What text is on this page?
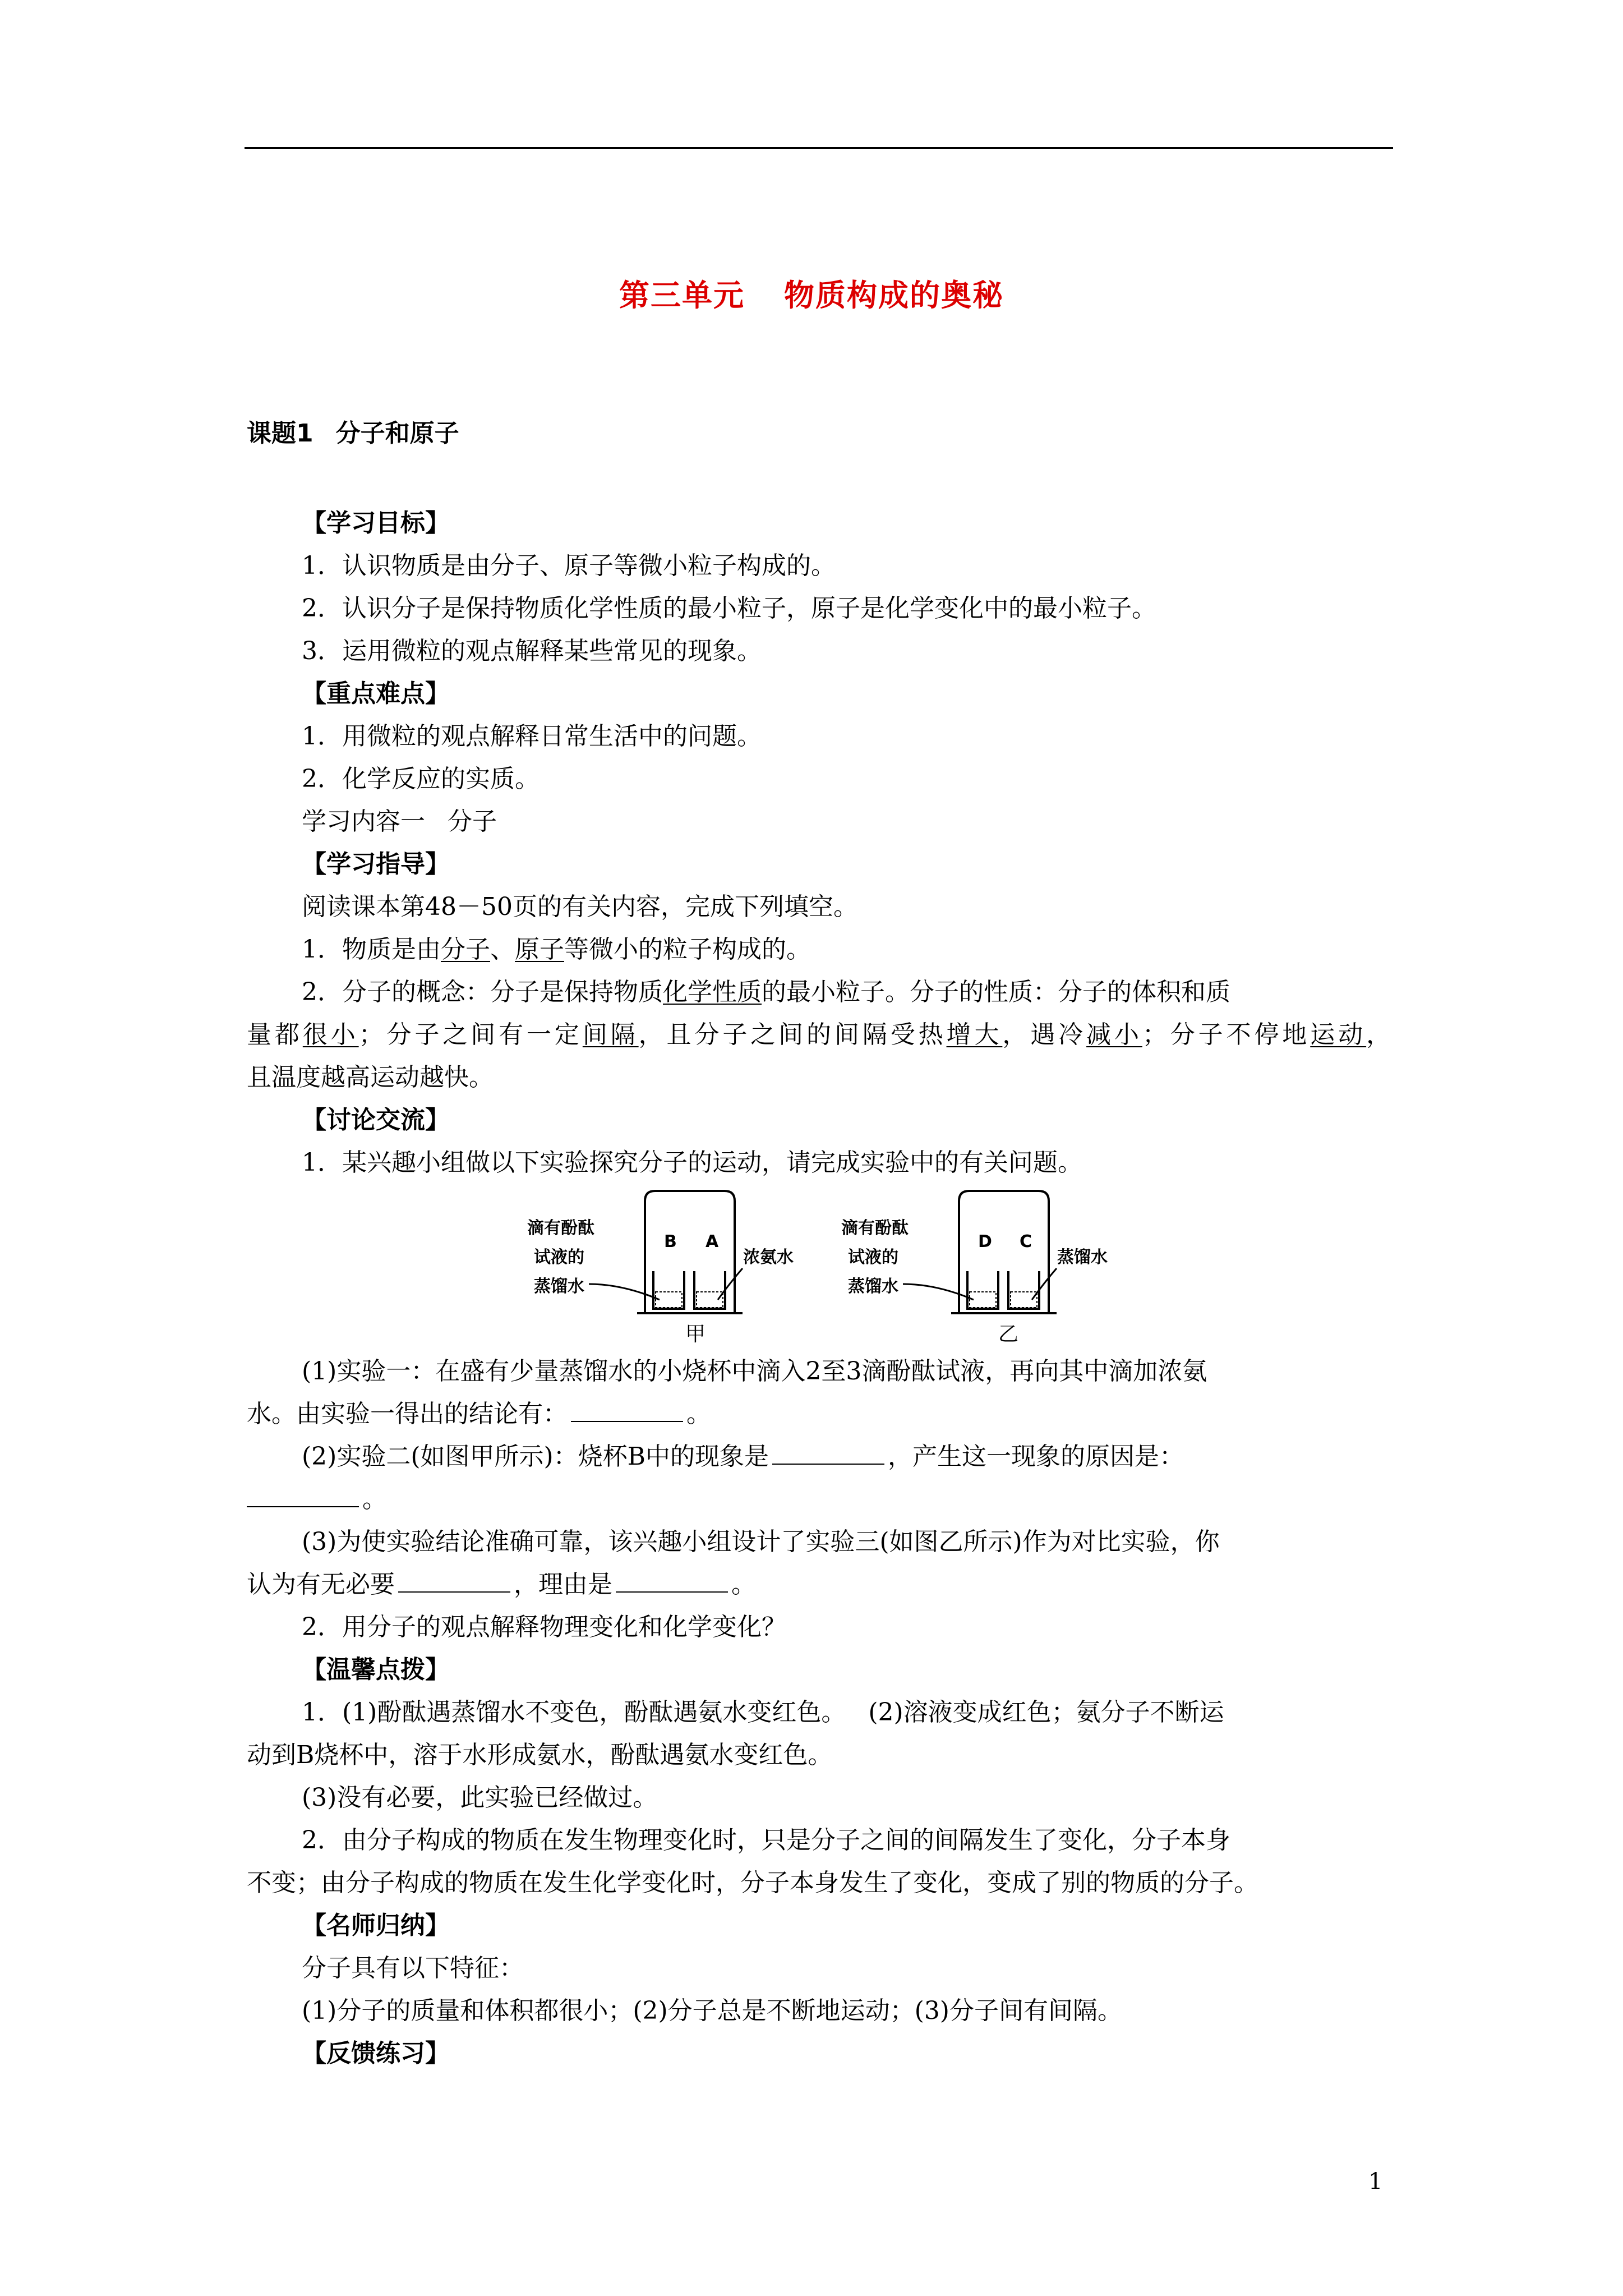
第三单元 物质构成的奥秘
课题1 分子和原子
【学习目标】
1．认识物质是由分子、原子等微小粒子构成的。
2．认识分子是保持物质化学性质的最小粒子，原子是化学变化中的最小粒子。
3．运用微粒的观点解释某些常见的现象。
【重点难点】
1．用微粒的观点解释日常生活中的问题。
2．化学反应的实质。
学习内容一 分子
【学习指导】
阅读课本第48－50页的有关内容，完成下列填空。
1．物质是由分子、原子等微小的粒子构成的。
2．分子的概念：分子是保持物质化学性质的最小粒子。分子的性质：分子的体积和质
量都很小；分子之间有一定间隔，且分子之间的间隔受热增大，遇冷减小；分子不停地运动，
且温度越高运动越快。
【讨论交流】
1．某兴趣小组做以下实验探究分子的运动，请完成实验中的有关问题。
B A
滴有酚酞
试液的
蒸馏水
浓氨水
D C
滴有酚酞
试液的
蒸馏水
蒸馏水
甲	乙
(1)实验一：在盛有少量蒸馏水的小烧杯中滴入2至3滴酚酞试液，再向其中滴加浓氨
水。由实验一得出的结论有：	。
(2)实验二(如图甲所示)：烧杯B中的现象是	，产生这一现象的原因是：
。
(3)为使实验结论准确可靠，该兴趣小组设计了实验三(如图乙所示)作为对比实验，你
认为有无必要	，理由是	。
2．用分子的观点解释物理变化和化学变化？
【温馨点拨】
1．(1)酚酞遇蒸馏水不变色，酚酞遇氨水变红色。 (2)溶液变成红色；氨分子不断运
动到B烧杯中，溶于水形成氨水，酚酞遇氨水变红色。
(3)没有必要，此实验已经做过。
2．由分子构成的物质在发生物理变化时，只是分子之间的间隔发生了变化，分子本身
不变；由分子构成的物质在发生化学变化时，分子本身发生了变化，变成了别的物质的分子。
【名师归纳】
分子具有以下特征：
(1)分子的质量和体积都很小；(2)分子总是不断地运动；(3)分子间有间隔。
【反馈练习】
1
